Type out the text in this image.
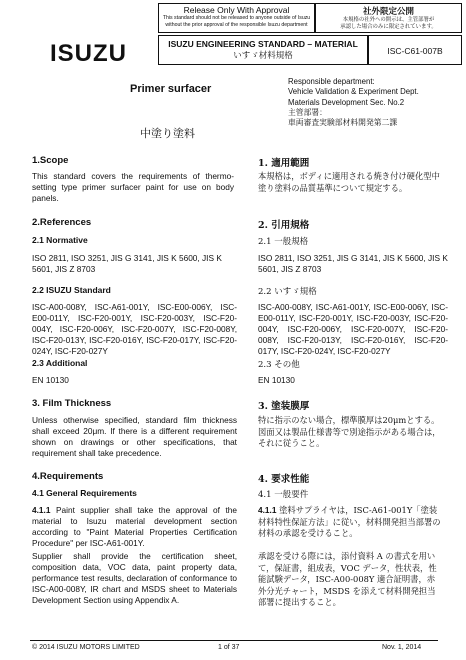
Release Only With Approval
This standard should not be released to anyone outside of Isuzu
without the prior approval of the responsible Isuzu department
社外限定公開
本規格の社外への開示は、主管部署が
承認した場合のみに限定されています。
ISUZU	ISUZU ENGINEERING STANDARD – MATERIAL
いすゞ材料規格	ISC-C61-007B
Primer surfacer
中塗り塗料
Responsible department:
Vehicle Validation & Experiment Dept.
Materials Development Sec. No.2
主管部署：
車両審査実験部材料開発第二課
1.Scope
This standard covers the requirements of thermo-setting type primer surfacer paint for use on body panels.
2.References
2.1 Normative
ISO 2811, ISO 3251, JIS G 3141, JIS K 5600, JIS K 5601, JIS Z 8703
2.2 ISUZU Standard
ISC-A00-008Y, ISC-A61-001Y, ISC-E00-006Y, ISC-E00-011Y, ISC-F20-001Y, ISC-F20-003Y, ISC-F20-004Y, ISC-F20-006Y, ISC-F20-007Y, ISC-F20-008Y, ISC-F20-013Y, ISC-F20-016Y, ISC-F20-017Y, ISC-F20-024Y, ISC-F20-027Y
2.3 Additional
EN 10130
3. Film Thickness
Unless otherwise specified, standard film thickness shall exceed 20μm. If there is a different requirement shown on drawings or other specifications, that requirement shall take precedence.
4.Requirements
4.1 General Requirements
4.1.1 Paint supplier shall take the approval of the material to Isuzu material development section according to "Paint Material Properties Certification Procedure" per ISC-A61-001Y.
Supplier shall provide the certification sheet, composition data, VOC data, paint property data, performance test results, declaration of conformance to ISC-A00-008Y, IR chart and MSDS sheet to Materials Development Section using Appendix A.
1. 適用範囲
本規格は，ボディに適用される焼き付け硬化型中塗り塗料の品質基準について規定する。
2. 引用規格
2.1 一般規格
ISO 2811, ISO 3251, JIS G 3141, JIS K 5600, JIS K 5601, JIS Z 8703
2.2 いすゞ規格
ISC-A00-008Y, ISC-A61-001Y, ISC-E00-006Y, ISC-E00-011Y, ISC-F20-001Y, ISC-F20-003Y, ISC-F20-004Y, ISC-F20-006Y, ISC-F20-007Y, ISC-F20-008Y, ISC-F20-013Y, ISC-F20-016Y, ISC-F20-017Y, ISC-F20-024Y, ISC-F20-027Y
2.3 その他
EN 10130
3. 塗装膜厚
特に指示のない場合，標準膜厚は20μmとする。図面又は製品仕様書等で別途指示がある場合は，それに従うこと。
4. 要求性能
4.1 一般要件
4.1.1 塗料サプライヤは，ISC-A61-001Y「塗装材料特性保証方法」に従い，材料開発担当部署の材料の承認を受けること。
承認を受ける際には，添付資料 A の書式を用いて，保証書，組成表，VOC データ，性状表，性能試験データ，ISC-A00-008Y 適合証明書，赤外分光チャート，MSDS を添えて材料開発担当部署に提出すること。
© 2014 ISUZU MOTORS LIMITED	1 of 37	Nov. 1, 2014
